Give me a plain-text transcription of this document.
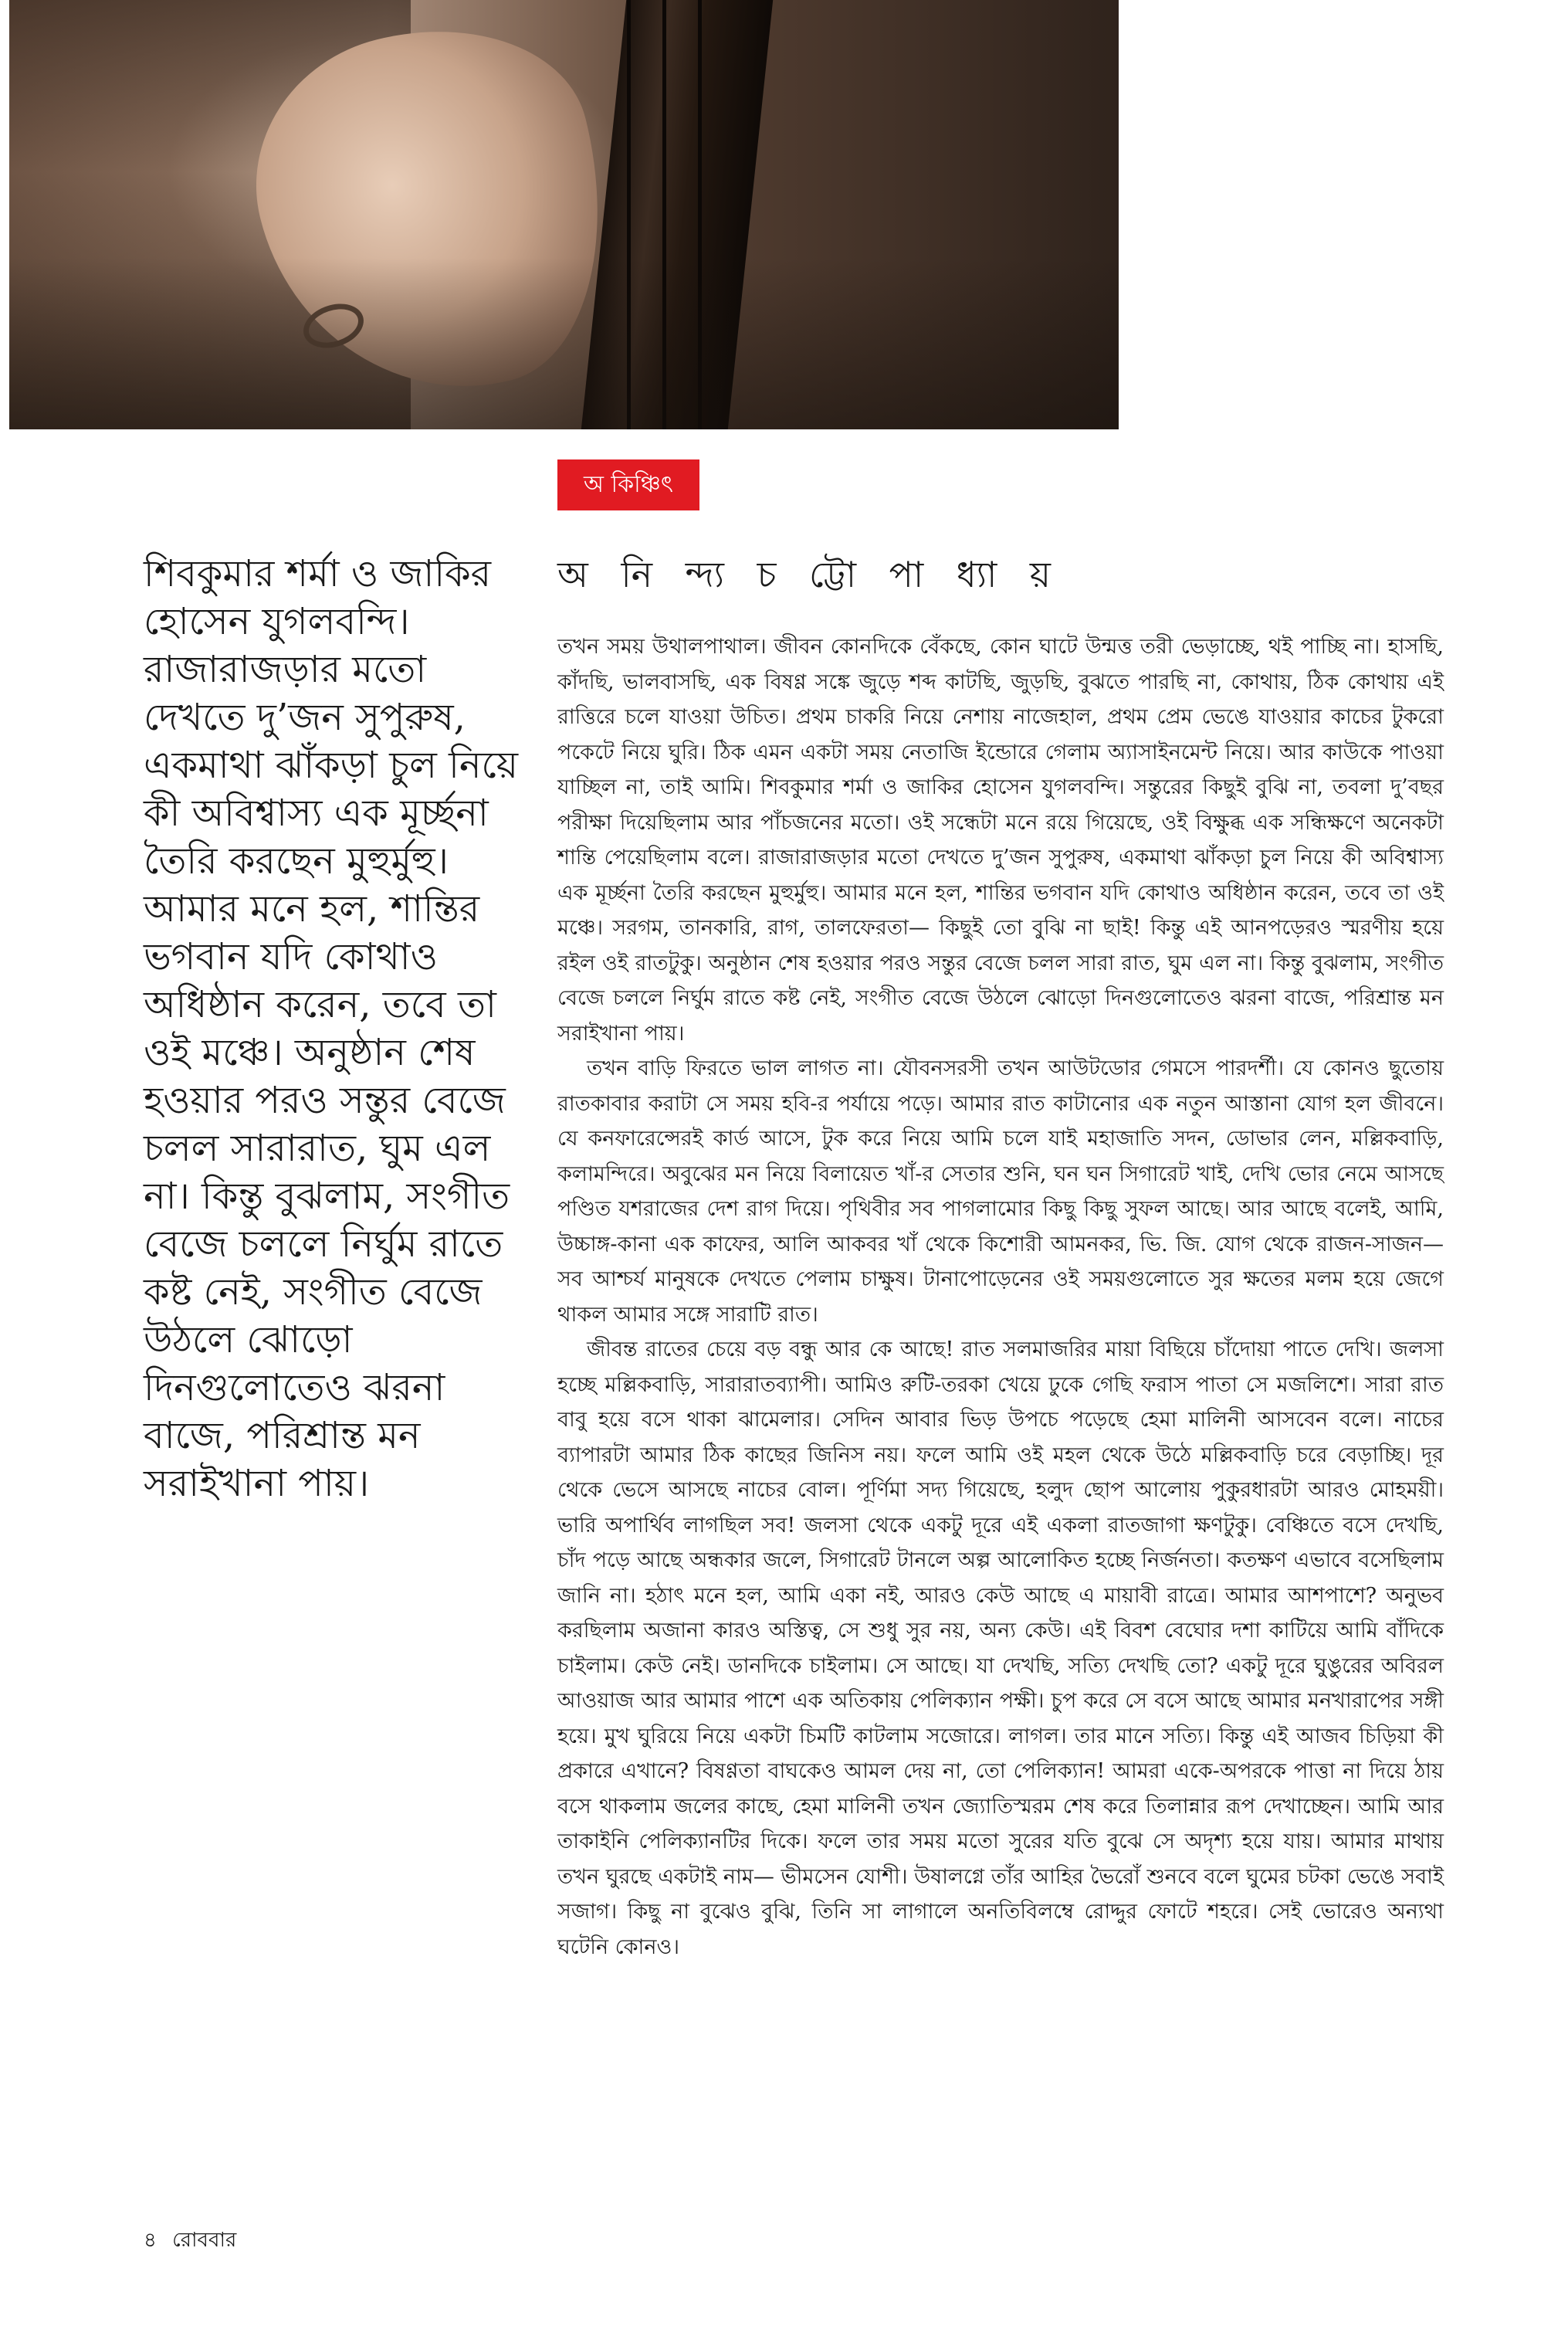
অ কিঞ্চিৎ
অ নি ন্দ্য চ ট্টো পা ধ্যা য়
শিবকুমার শর্মা ও জাকির হোসেন যুগলবন্দি। রাজারাজড়ার মতো দেখতে দু’জন সুপুরুষ, একমাথা ঝাঁকড়া চুল নিয়ে কী অবিশ্বাস্য এক মূর্চ্ছনা তৈরি করছেন মুহুর্মুহু। আমার মনে হল, শান্তির ভগবান যদি কোথাও অধিষ্ঠান করেন, তবে তা ওই মঞ্চে। অনুষ্ঠান শেষ হওয়ার পরও সন্তুর বেজে চলল সারারাত, ঘুম এল না। কিন্তু বুঝলাম, সংগীত বেজে চললে নির্ঘুম রাতে কষ্ট নেই, সংগীত বেজে উঠলে ঝোড়ো দিনগুলোতেও ঝরনা বাজে, পরিশ্রান্ত মন সরাইখানা পায়।

তখন সময় উথালপাথাল। জীবন কোনদিকে বেঁকছে, কোন ঘাটে উন্মত্ত তরী ভেড়াচ্ছে, থই পাচ্ছি না। হাসছি, কাঁদছি, ভালবাসছি, এক বিষণ্ণ সঙ্কে জুড়ে শব্দ কাটছি, জুড়ছি, বুঝতে পারছি না, কোথায়, ঠিক কোথায় এই রাত্তিরে চলে যাওয়া উচিত। প্রথম চাকরি নিয়ে নেশায় নাজেহাল, প্রথম প্রেম ভেঙে যাওয়ার কাচের টুকরো পকেটে নিয়ে ঘুরি। ঠিক এমন একটা সময় নেতাজি ইন্ডোরে গেলাম অ্যাসাইনমেন্ট নিয়ে। আর কাউকে পাওয়া যাচ্ছিল না, তাই আমি। শিবকুমার শর্মা ও জাকির হোসেন যুগলবন্দি। সন্তুরের কিছুই বুঝি না, তবলা দু’বছর পরীক্ষা দিয়েছিলাম আর পাঁচজনের মতো। ওই সন্ধেটা মনে রয়ে গিয়েছে, ওই বিক্ষুব্ধ এক সন্ধিক্ষণে অনেকটা শান্তি পেয়েছিলাম বলে। রাজারাজড়ার মতো দেখতে দু’জন সুপুরুষ, একমাথা ঝাঁকড়া চুল নিয়ে কী অবিশ্বাস্য এক মূর্চ্ছনা তৈরি করছেন মুহুর্মুহু। আমার মনে হল, শান্তির ভগবান যদি কোথাও অধিষ্ঠান করেন, তবে তা ওই মঞ্চে। সরগম, তানকারি, রাগ, তালফেরতা— কিছুই তো বুঝি না ছাই! কিন্তু এই আনপড়েরও স্মরণীয় হয়ে রইল ওই রাতটুকু। অনুষ্ঠান শেষ হওয়ার পরও সন্তুর বেজে চলল সারা রাত, ঘুম এল না। কিন্তু বুঝলাম, সংগীত বেজে চললে নির্ঘুম রাতে কষ্ট নেই, সংগীত বেজে উঠলে ঝোড়ো দিনগুলোতেও ঝরনা বাজে, পরিশ্রান্ত মন সরাইখানা পায়।

তখন বাড়ি ফিরতে ভাল লাগত না। যৌবনসরসী তখন আউটডোর গেমসে পারদর্শী। যে কোনও ছুতোয় রাতকাবার করাটা সে সময় হবি-র পর্যায়ে পড়ে। আমার রাত কাটানোর এক নতুন আস্তানা যোগ হল জীবনে। যে কনফারেন্সেরই কার্ড আসে, টুক করে নিয়ে আমি চলে যাই মহাজাতি সদন, ডোভার লেন, মল্লিকবাড়ি, কলামন্দিরে। অবুঝের মন নিয়ে বিলায়েত খাঁ-র সেতার শুনি, ঘন ঘন সিগারেট খাই, দেখি ভোর নেমে আসছে পণ্ডিত যশরাজের দেশ রাগ দিয়ে। পৃথিবীর সব পাগলামোর কিছু কিছু সুফল আছে। আর আছে বলেই, আমি, উচ্চাঙ্গ-কানা এক কাফের, আলি আকবর খাঁ থেকে কিশোরী আমনকর, ভি. জি. যোগ থেকে রাজন-সাজন— সব আশ্চর্য মানুষকে দেখতে পেলাম চাক্ষুষ। টানাপোড়েনের ওই সময়গুলোতে সুর ক্ষতের মলম হয়ে জেগে থাকল আমার সঙ্গে সারাটি রাত।

জীবন্ত রাতের চেয়ে বড় বন্ধু আর কে আছে! রাত সলমাজরির মায়া বিছিয়ে চাঁদোয়া পাতে দেখি। জলসা হচ্ছে মল্লিকবাড়ি, সারারাতব্যাপী। আমিও রুটি-তরকা খেয়ে ঢুকে গেছি ফরাস পাতা সে মজলিশে। সারা রাত বাবু হয়ে বসে থাকা ঝামেলার। সেদিন আবার ভিড় উপচে পড়েছে হেমা মালিনী আসবেন বলে। নাচের ব্যাপারটা আমার ঠিক কাছের জিনিস নয়। ফলে আমি ওই মহল থেকে উঠে মল্লিকবাড়ি চরে বেড়াচ্ছি। দূর থেকে ভেসে আসছে নাচের বোল। পূর্ণিমা সদ্য গিয়েছে, হলুদ ছোপ আলোয় পুকুরধারটা আরও মোহময়ী। ভারি অপার্থিব লাগছিল সব! জলসা থেকে একটু দূরে এই একলা রাতজাগা ক্ষণটুকু। বেঞ্চিতে বসে দেখছি, চাঁদ পড়ে আছে অন্ধকার জলে, সিগারেট টানলে অল্প আলোকিত হচ্ছে নির্জনতা। কতক্ষণ এভাবে বসেছিলাম জানি না। হঠাৎ মনে হল, আমি একা নই, আরও কেউ আছে এ মায়াবী রাত্রে। আমার আশপাশে? অনুভব করছিলাম অজানা কারও অস্তিত্ব, সে শুধু সুর নয়, অন্য কেউ। এই বিবশ বেঘোর দশা কাটিয়ে আমি বাঁদিকে চাইলাম। কেউ নেই। ডানদিকে চাইলাম। সে আছে। যা দেখছি, সত্যি দেখছি তো? একটু দূরে ঘুঙুরের অবিরল আওয়াজ আর আমার পাশে এক অতিকায় পেলিক্যান পক্ষী। চুপ করে সে বসে আছে আমার মনখারাপের সঙ্গী হয়ে। মুখ ঘুরিয়ে নিয়ে একটা চিমটি কাটলাম সজোরে। লাগল। তার মানে সত্যি। কিন্তু এই আজব চিড়িয়া কী প্রকারে এখানে? বিষণ্ণতা বাঘকেও আমল দেয় না, তো পেলিক্যান! আমরা একে-অপরকে পাত্তা না দিয়ে ঠায় বসে থাকলাম জলের কাছে, হেমা মালিনী তখন জ্যোতিস্মরম শেষ করে তিলান্নার রূপ দেখাচ্ছেন। আমি আর তাকাইনি পেলিক্যানটির দিকে। ফলে তার সময় মতো সুরের যতি বুঝে সে অদৃশ্য হয়ে যায়। আমার মাথায় তখন ঘুরছে একটাই নাম— ভীমসেন যোশী। উষালগ্নে তাঁর আহির ভৈরোঁ শুনবে বলে ঘুমের চটকা ভেঙে সবাই সজাগ। কিছু না বুঝেও বুঝি, তিনি সা লাগালে অনতিবিলম্বে রোদ্দুর ফোটে শহরে। সেই ভোরেও অন্যথা ঘটেনি কোনও।

৪ রোববার
